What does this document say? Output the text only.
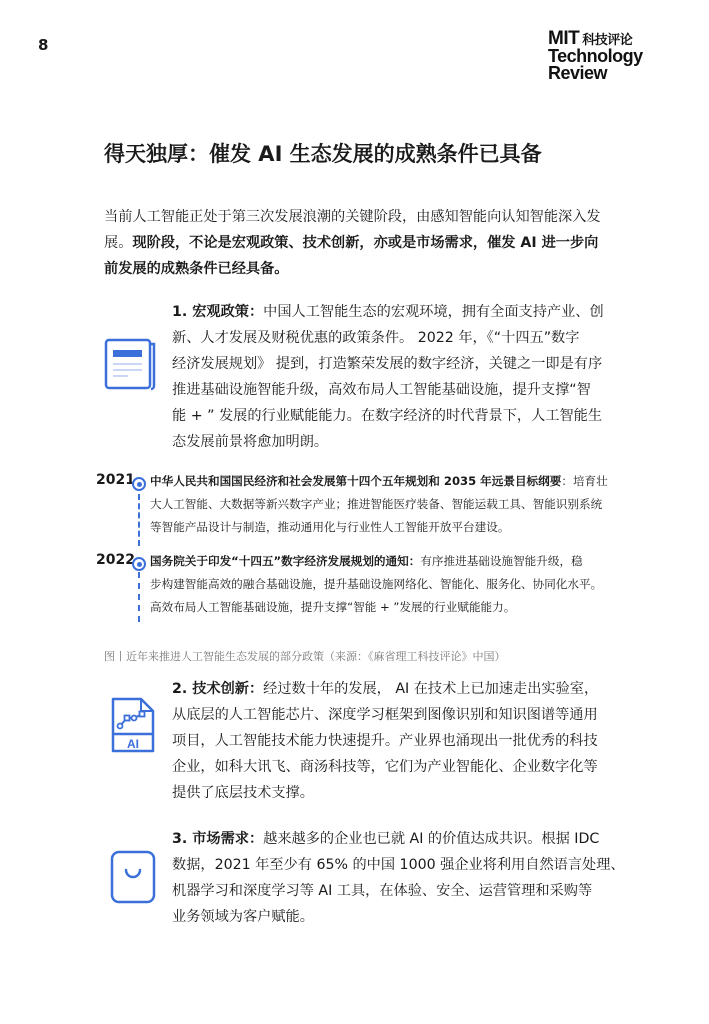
8	MIT 科技评论
Technology
Review
得天独厚：催发 AI 生态发展的成熟条件已具备
当前人工智能正处于第三次发展浪潮的关键阶段，由感知智能向认知智能深入发
展。现阶段，不论是宏观政策、技术创新，亦或是市场需求，催发 AI 进一步向
前发展的成熟条件已经具备。
1. 宏观政策：中国人工智能生态的宏观环境，拥有全面支持产业、创
新、人才发展及财税优惠的政策条件。 2022 年，《“十四五”数字
经济发展规划》 提到，打造繁荣发展的数字经济，关键之一即是有序
推进基础设施智能升级，高效布局人工智能基础设施，提升支撑“智
能 + ” 发展的行业赋能能力。在数字经济的时代背景下，人工智能生
态发展前景将愈加明朗。
2. 技术创新：经过数十年的发展， AI 在技术上已加速走出实验室，
从底层的人工智能芯片、深度学习框架到图像识别和知识图谱等通用
项目，人工智能技术能力快速提升。产业界也涌现出一批优秀的科技
企业，如科大讯飞、商汤科技等，它们为产业智能化、企业数字化等
提供了底层技术支撑。
3. 市场需求：越来越多的企业也已就 AI 的价值达成共识。根据 IDC
数据，2021 年至少有 65% 的中国 1000 强企业将利用自然语言处理、
机器学习和深度学习等 AI 工具，在体验、安全、运营管理和采购等
业务领域为客户赋能。
2021 中华人民共和国国民经济和社会发展第十四个五年规划和 2035 年远景目标纲要：培育壮
大人工智能、大数据等新兴数字产业；推进智能医疗装备、智能运载工具、智能识别系统
等智能产品设计与制造，推动通用化与行业性人工智能开放平台建设。
2022 国务院关于印发“十四五”数字经济发展规划的通知：有序推进基础设施智能升级，稳
步构建智能高效的融合基础设施，提升基础设施网络化、智能化、服务化、协同化水平。
高效布局人工智能基础设施，提升支撑“智能 + ”发展的行业赋能能力。
图丨近年来推进人工智能生态发展的部分政策（来源：《麻省理工科技评论》中国）
AI
